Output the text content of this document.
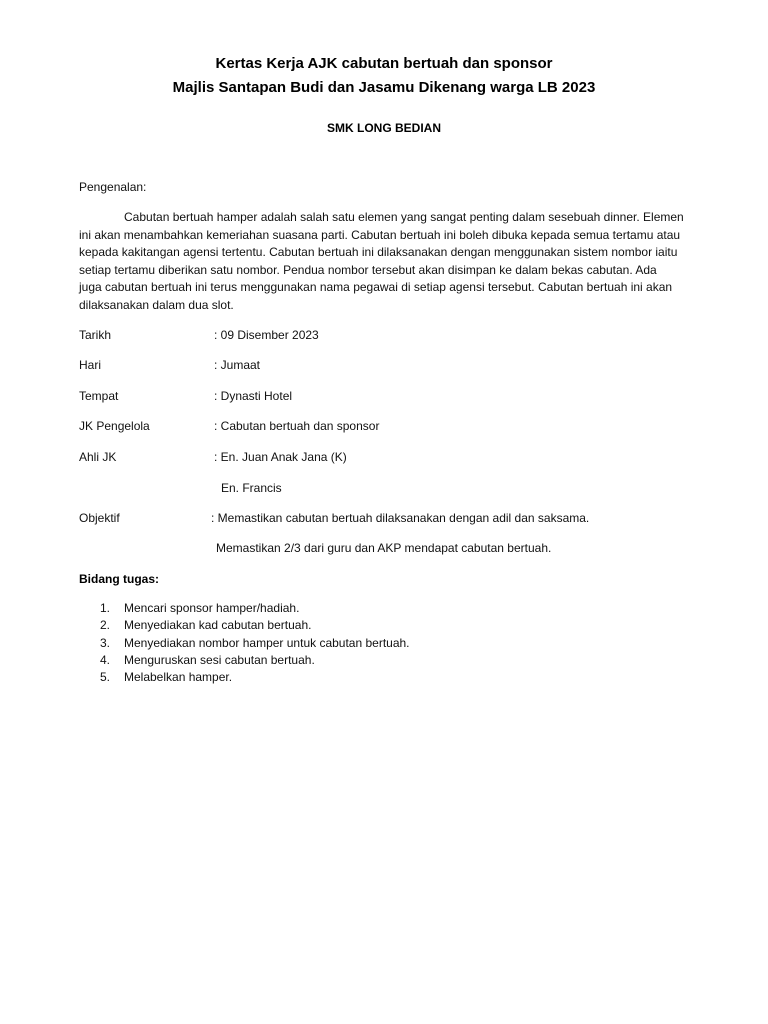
Kertas Kerja AJK cabutan bertuah dan sponsor
Majlis Santapan Budi dan Jasamu Dikenang warga LB 2023
SMK LONG BEDIAN
Pengenalan:
Cabutan bertuah hamper adalah salah satu elemen yang sangat penting dalam sesebuah dinner. Elemen
ini akan menambahkan kemeriahan suasana parti. Cabutan bertuah ini boleh dibuka kepada semua tertamu atau
kepada kakitangan agensi tertentu. Cabutan bertuah ini dilaksanakan dengan menggunakan sistem nombor iaitu
setiap tertamu diberikan satu nombor. Pendua nombor tersebut akan disimpan ke dalam bekas cabutan. Ada
juga cabutan bertuah ini terus menggunakan nama pegawai di setiap agensi tersebut. Cabutan bertuah ini akan
dilaksanakan dalam dua slot.
Tarikh	: 09 Disember 2023
Hari	: Jumaat
Tempat	: Dynasti Hotel
JK Pengelola	: Cabutan bertuah dan sponsor
Ahli JK	: En. Juan Anak Jana (K)
En. Francis
Objektif	: Memastikan cabutan bertuah dilaksanakan dengan adil dan saksama.
Memastikan 2/3 dari guru dan AKP mendapat cabutan bertuah.
Bidang tugas:
1. Mencari sponsor hamper/hadiah.
2. Menyediakan kad cabutan bertuah.
3. Menyediakan nombor hamper untuk cabutan bertuah.
4. Menguruskan sesi cabutan bertuah.
5. Melabelkan hamper.
